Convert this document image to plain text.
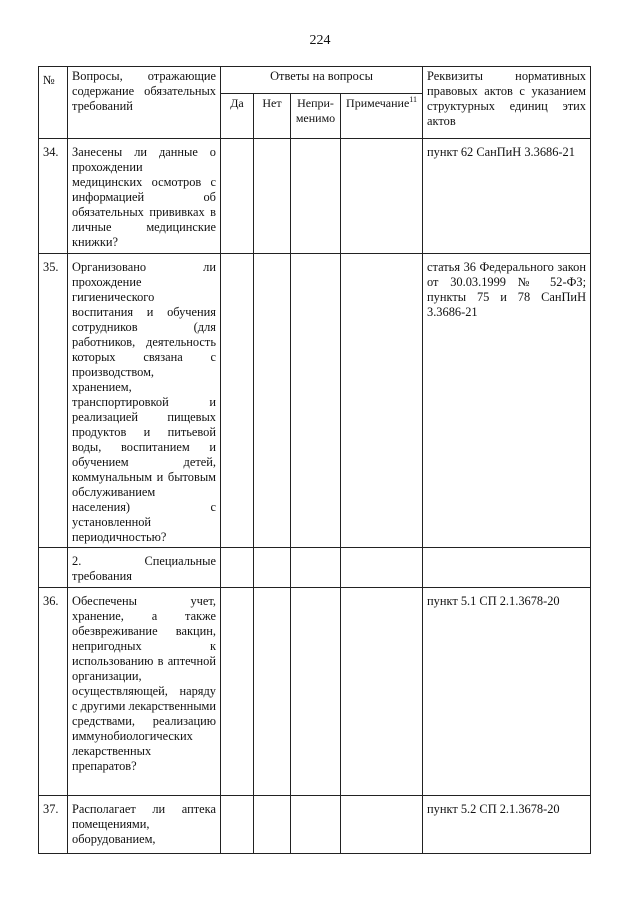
224
№	Вопросы, отражающие содержание обязательных требований	Ответы на вопросы				Реквизиты нормативных правовых актов с указанием структурных единиц этих актов
		Да	Нет	Непри-менимо	Примечание$^{11}$
34.	Занесены ли данные о прохождении медицинских осмотров с информацией об обязательных прививках в личные медицинские книжки?					пункт 62 СанПиН 3.3686-21
35.	Организовано ли прохождение гигиенического воспитания и обучения сотрудников (для работников, деятельность которых связана с производством, хранением, транспортировкой и реализацией пищевых продуктов и питьевой воды, воспитанием и обучением детей, коммунальным и бытовым обслуживанием населения) с установленной периодичностью?					статья 36 Федерального закон от 30.03.1999 № 52-ФЗ; пункты 75 и 78 СанПиН 3.3686-21
	2. Специальные требования					
36.	Обеспечены учет, хранение, а также обезвреживание вакцин, непригодных к использованию в аптечной организации, осуществляющей, наряду с другими лекарственными средствами, реализацию иммунобиологических лекарственных препаратов?					пункт 5.1 СП 2.1.3678-20
37.	Располагает ли аптека помещениями, оборудованием,					пункт 5.2 СП 2.1.3678-20
